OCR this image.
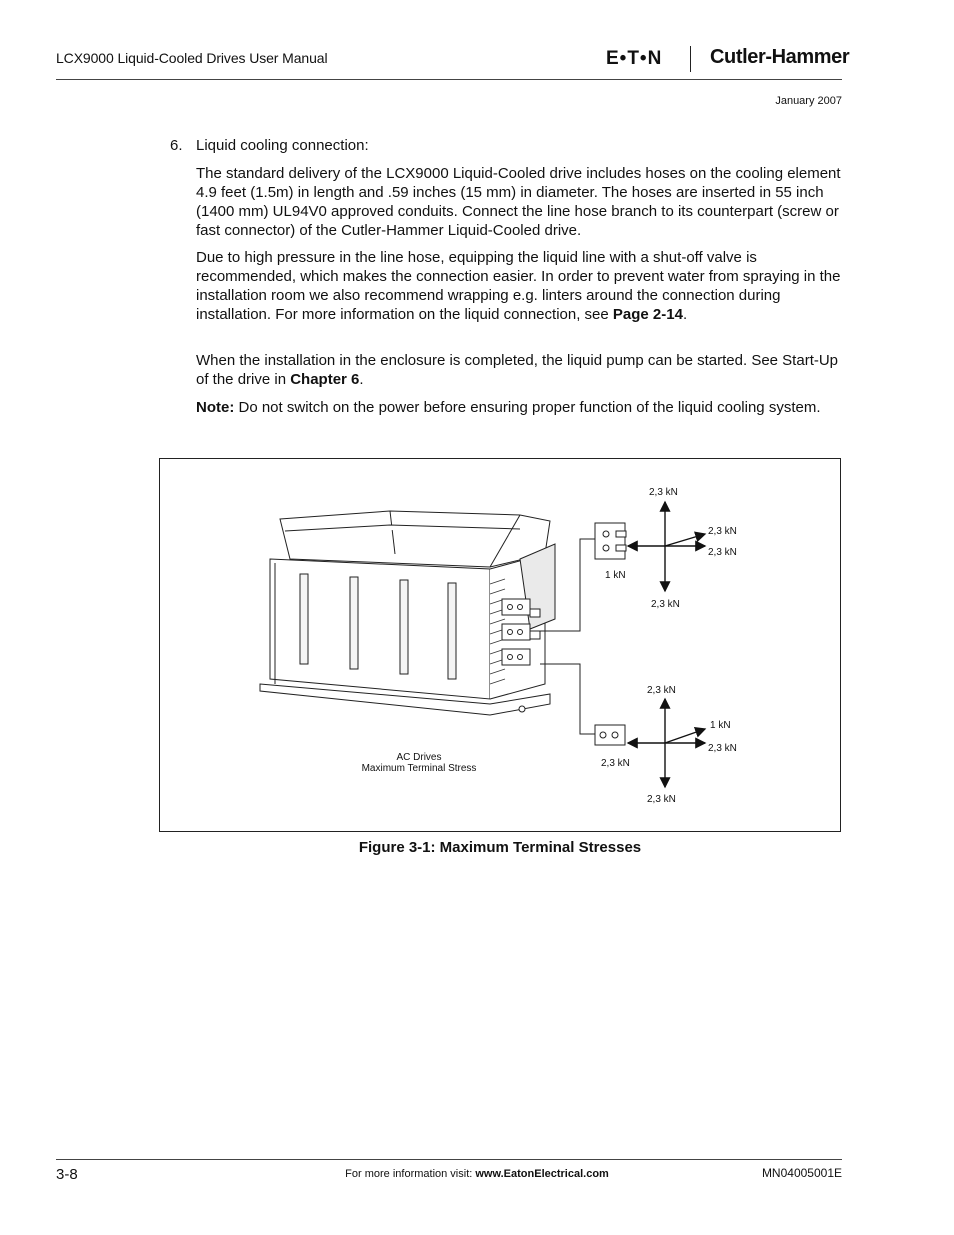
LCX9000 Liquid-Cooled Drives User Manual	E•T•N Cutler-Hammer
January 2007
6. Liquid cooling connection:
The standard delivery of the LCX9000 Liquid-Cooled drive includes hoses on the cooling element 4.9 feet (1.5m) in length and .59 inches (15 mm) in diameter. The hoses are inserted in 55 inch (1400 mm) UL94V0 approved conduits. Connect the line hose branch to its counterpart (screw or fast connector) of the Cutler-Hammer Liquid-Cooled drive.
Due to high pressure in the line hose, equipping the liquid line with a shut-off valve is recommended, which makes the connection easier. In order to prevent water from spraying in the installation room we also recommend wrapping e.g. linters around the connection during installation. For more information on the liquid connection, see Page 2-14.
When the installation in the enclosure is completed, the liquid pump can be started. See Start-Up of the drive in Chapter 6.
Note: Do not switch on the power before ensuring proper function of the liquid cooling system.
2,3 kN
2,3 kN
2,3 kN
1 kN
2,3 kN
2,3 kN
1 kN
2,3 kN
2,3 kN
2,3 kN
AC Drives
Maximum Terminal Stress
Figure 3-1: Maximum Terminal Stresses
3-8	For more information visit: www.EatonElectrical.com	MN04005001E
